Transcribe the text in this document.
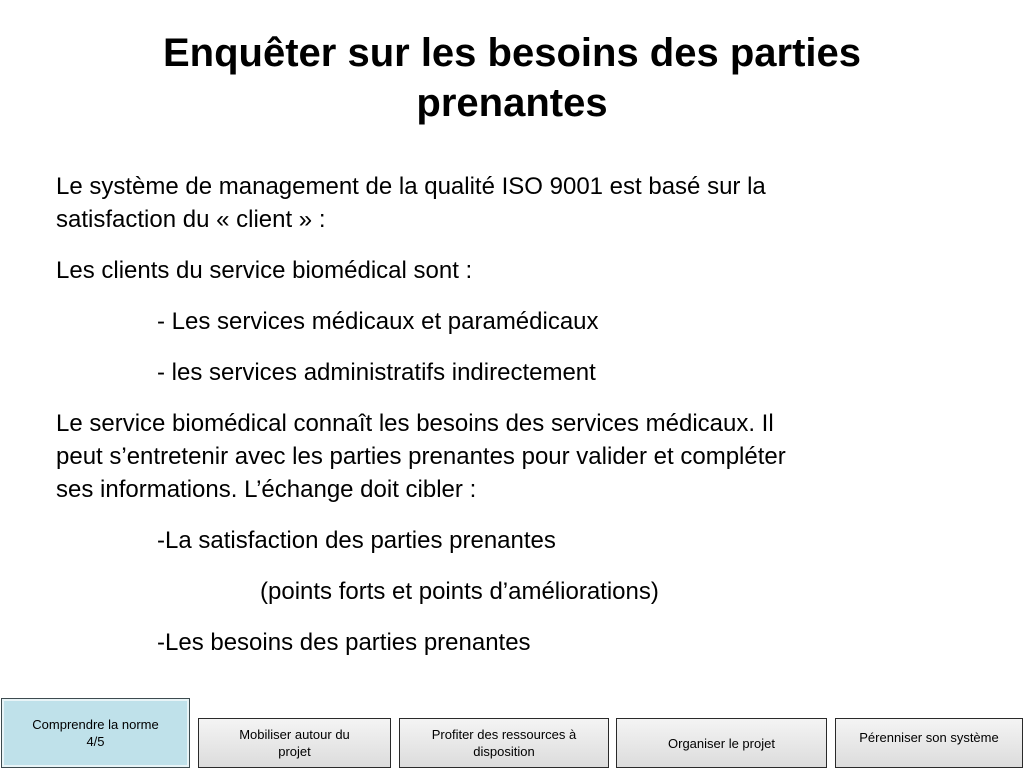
Enquêter sur les besoins des parties
prenantes

Le système de management de la qualité ISO 9001 est basé sur la
satisfaction du « client » :

Les clients du service biomédical sont :

- Les services médicaux et paramédicaux

- les services administratifs indirectement

Le service biomédical connaît les besoins des services médicaux. Il
peut s’entretenir avec les parties prenantes pour valider et compléter
ses informations. L’échange doit cibler :

-La satisfaction des parties prenantes

(points forts et points d’améliorations)

-Les besoins des parties prenantes

Comprendre la norme
4/5	Mobiliser autour du
projet
Profiter des ressources à
disposition
Organiser le projet	Pérenniser son système
